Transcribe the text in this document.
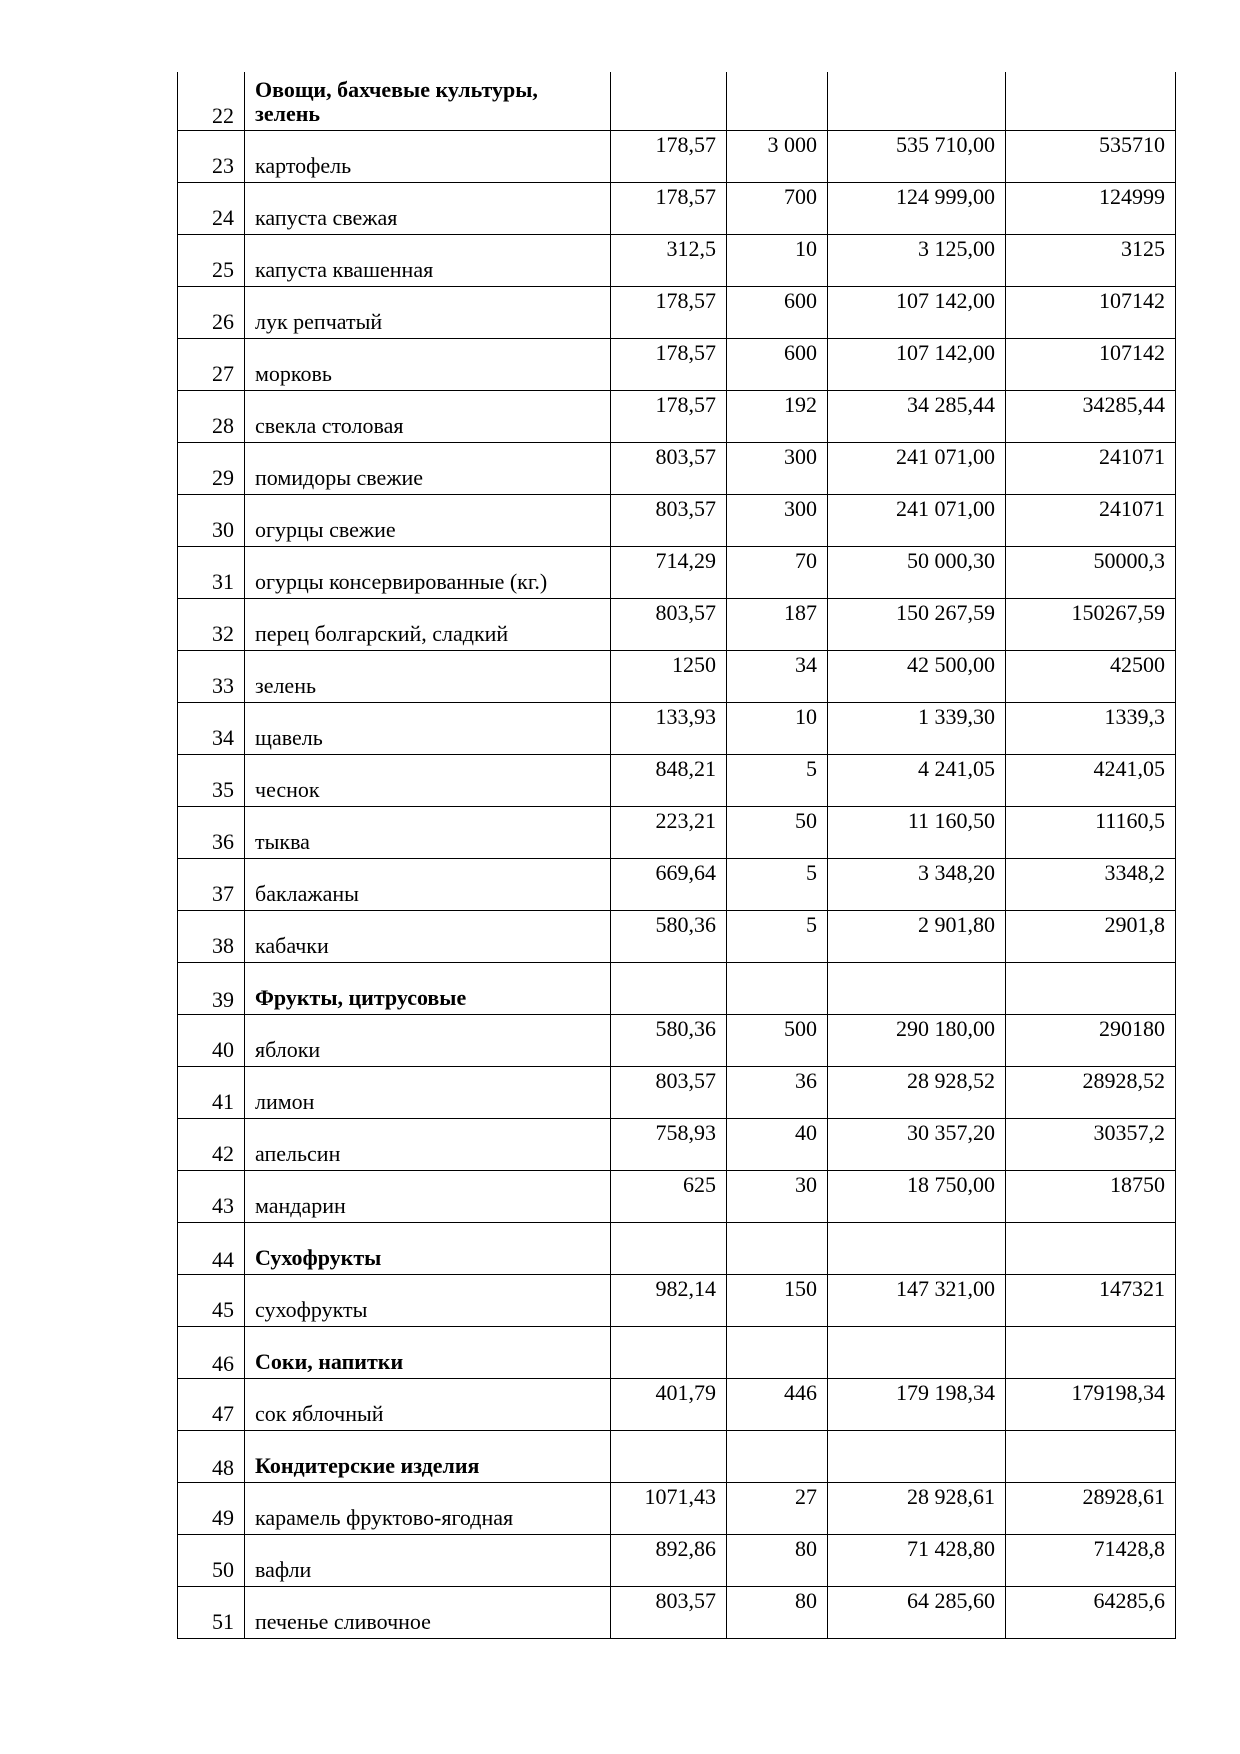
22	Овощи, бахчевые культуры, зелень				
23	картофель	178,57	3 000	535 710,00	535710
24	капуста свежая	178,57	700	124 999,00	124999
25	капуста квашенная	312,5	10	3 125,00	3125
26	лук репчатый	178,57	600	107 142,00	107142
27	морковь	178,57	600	107 142,00	107142
28	свекла столовая	178,57	192	34 285,44	34285,44
29	помидоры свежие	803,57	300	241 071,00	241071
30	огурцы свежие	803,57	300	241 071,00	241071
31	огурцы консервированные (кг.)	714,29	70	50 000,30	50000,3
32	перец болгарский, сладкий	803,57	187	150 267,59	150267,59
33	зелень	1250	34	42 500,00	42500
34	щавель	133,93	10	1 339,30	1339,3
35	чеснок	848,21	5	4 241,05	4241,05
36	тыква	223,21	50	11 160,50	11160,5
37	баклажаны	669,64	5	3 348,20	3348,2
38	кабачки	580,36	5	2 901,80	2901,8
39	Фрукты, цитрусовые				
40	яблоки	580,36	500	290 180,00	290180
41	лимон	803,57	36	28 928,52	28928,52
42	апельсин	758,93	40	30 357,20	30357,2
43	мандарин	625	30	18 750,00	18750
44	Сухофрукты				
45	сухофрукты	982,14	150	147 321,00	147321
46	Соки, напитки				
47	сок яблочный	401,79	446	179 198,34	179198,34
48	Кондитерские изделия				
49	карамель фруктово-ягодная	1071,43	27	28 928,61	28928,61
50	вафли	892,86	80	71 428,80	71428,8
51	печенье сливочное	803,57	80	64 285,60	64285,6
